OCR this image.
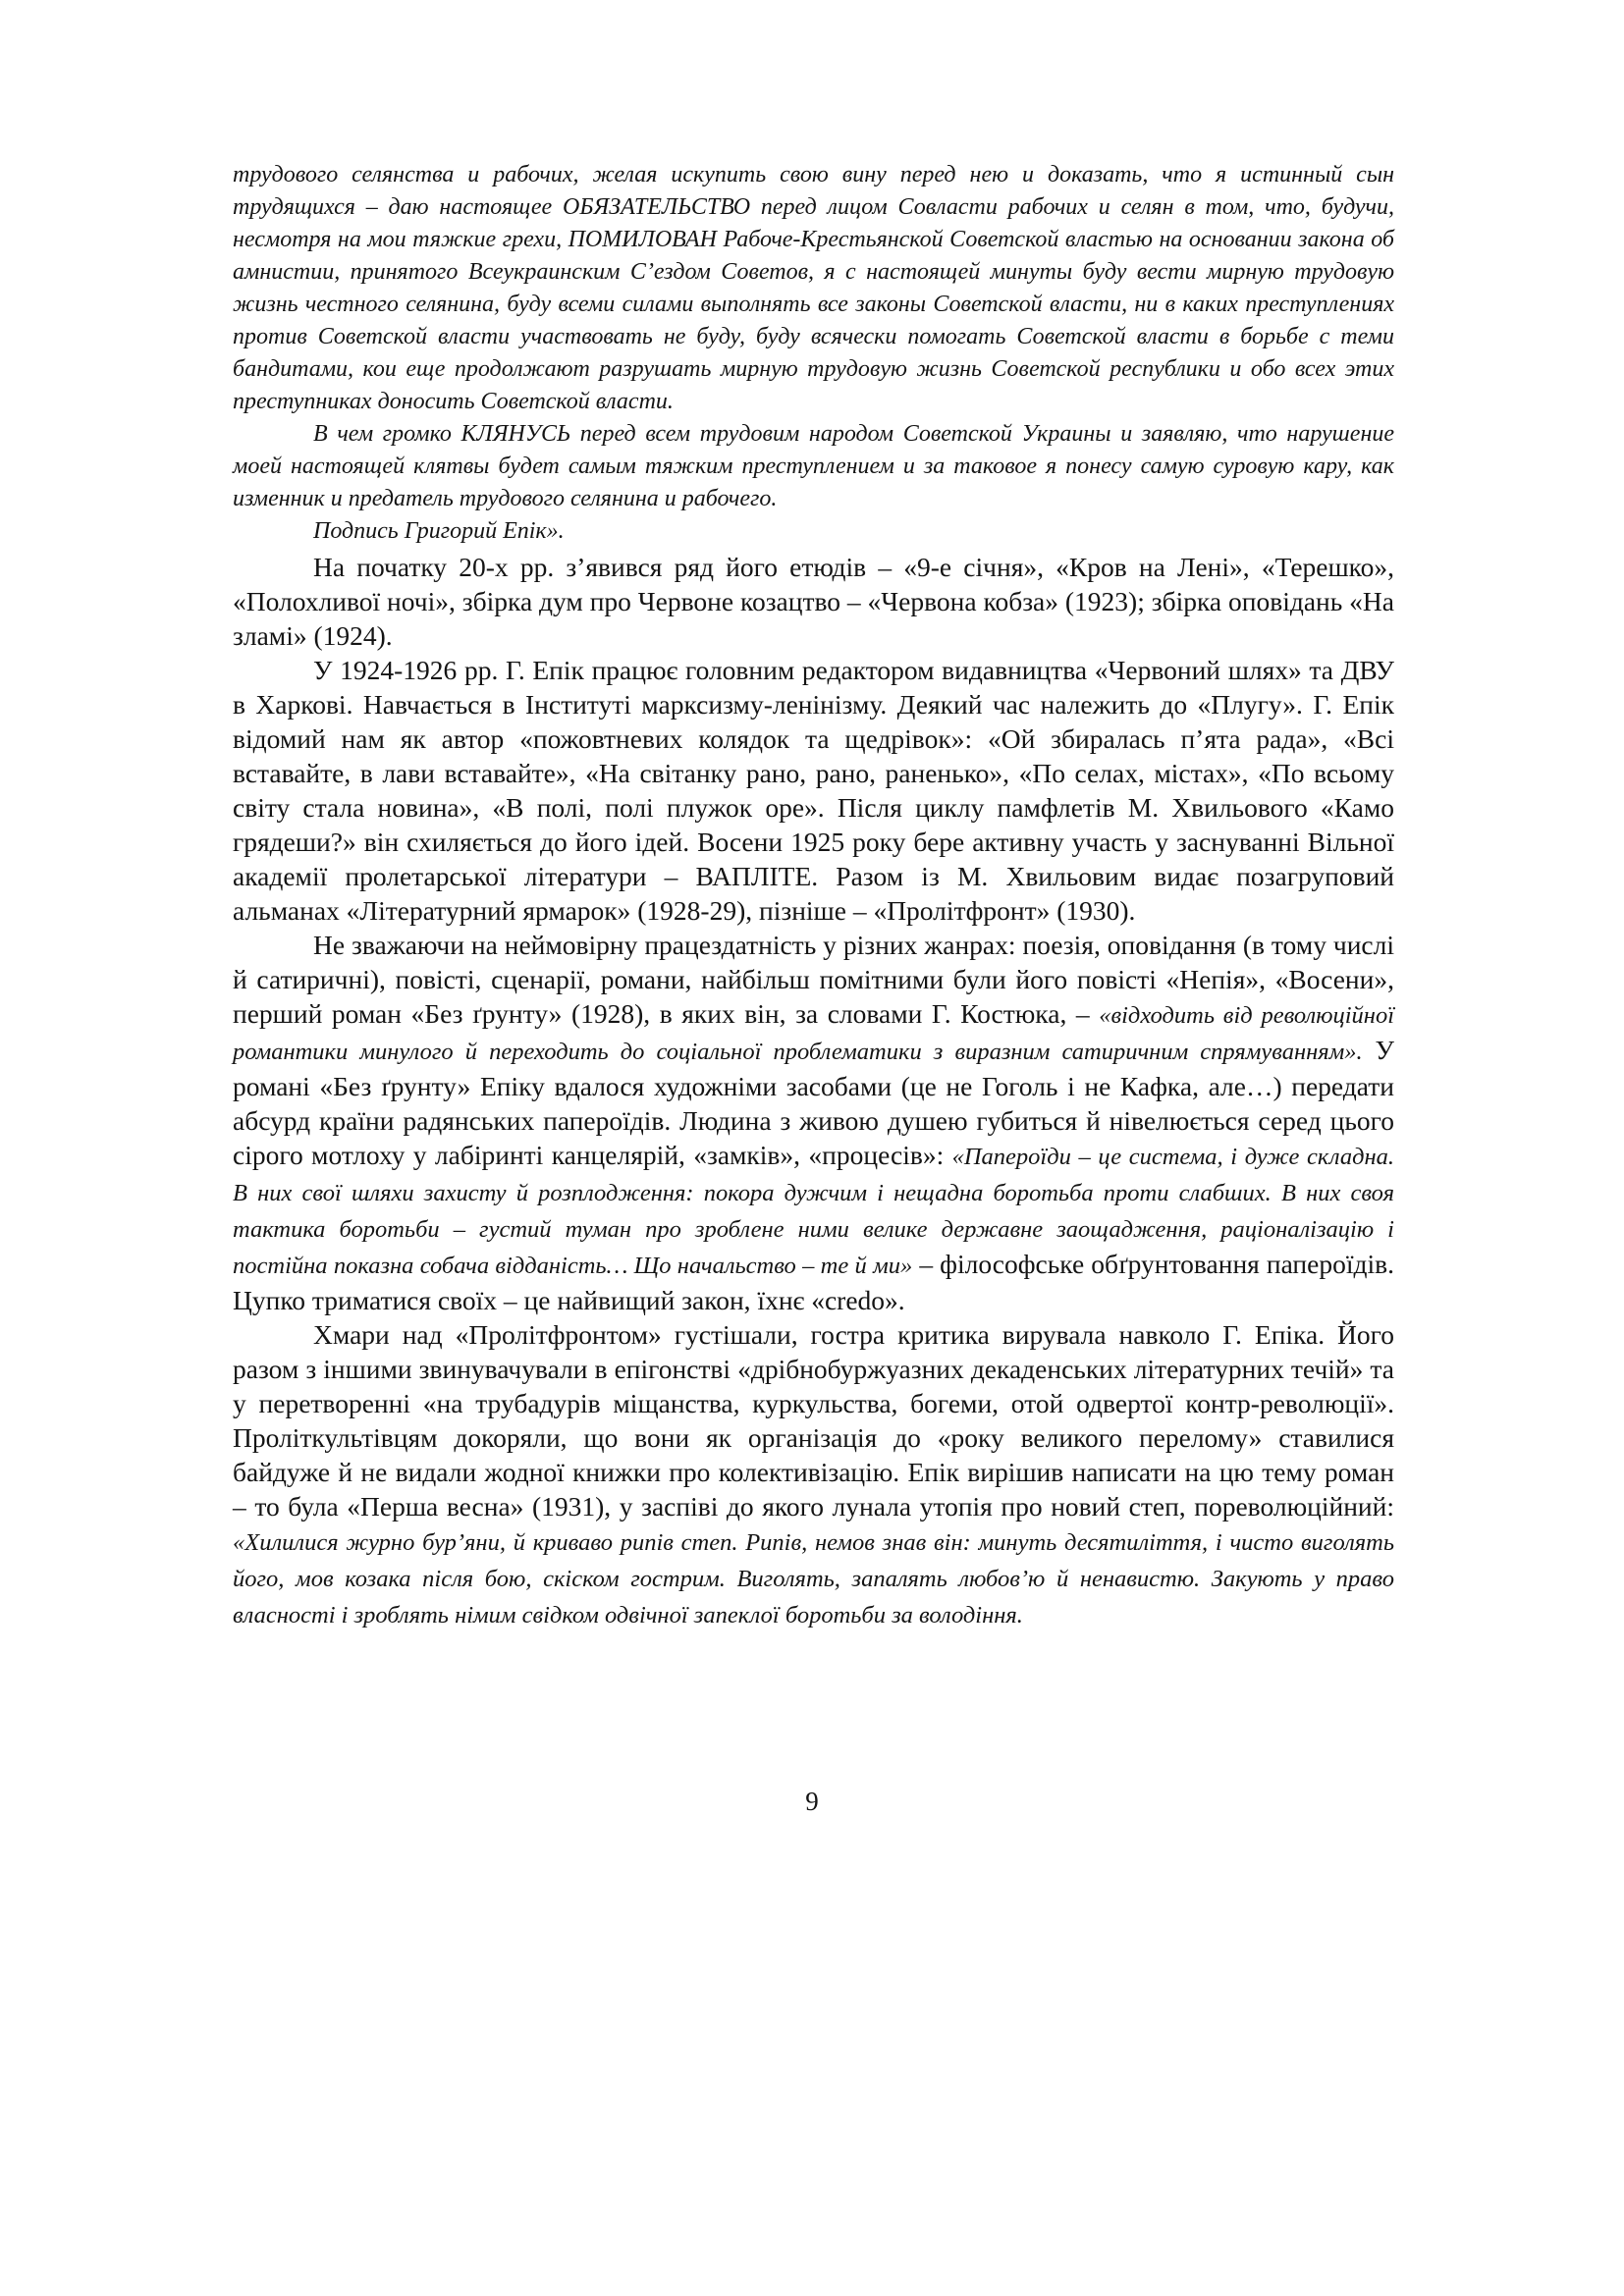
трудового селянства и рабочих, желая искупить свою вину перед нею и доказать, что я истинный сын трудящихся – даю настоящее ОБЯЗАТЕЛЬСТВО перед лицом Совласти рабочих и селян в том, что, будучи, несмотря на мои тяжкие грехи, ПОМИЛОВАН Рабоче-Крестьянской Советской властью на основании закона об амнистии, принятого Всеукраинским С’ездом Советов, я с настоящей минуты буду вести мирную трудовую жизнь честного селянина, буду всеми силами выполнять все законы Советской власти, ни в каких преступлениях против Советской власти участвовать не буду, буду всячески помогать Советской власти в борьбе с теми бандитами, кои еще продолжают разрушать мирную трудовую жизнь Советской республики и обо всех этих преступниках доносить Советской власти.

В чем громко КЛЯНУСЬ перед всем трудовим народом Советской Украины и заявляю, что нарушение моей настоящей клятвы будет самым тяжким преступлением и за таковое я понесу самую суровую кару, как изменник и предатель трудового селянина и рабочего.

Подпись Григорий Епік».

На початку 20-х рр. з’явився ряд його етюдів – «9-е січня», «Кров на Лені», «Терешко», «Полохливої ночі», збірка дум про Червоне козацтво – «Червона кобза» (1923); збірка оповідань «На зламі» (1924).

У 1924-1926 рр. Г. Епік працює головним редактором видавництва «Червоний шлях» та ДВУ в Харкові. Навчається в Інституті марксизму-ленінізму. Деякий час належить до «Плугу». Г. Епік відомий нам як автор «пожовтневих колядок та щедрівок»: «Ой збиралась п’ята рада», «Всі вставайте, в лави вставайте», «На світанку рано, рано, раненько», «По селах, містах», «По всьому світу стала новина», «В полі, полі плужок оре». Після циклу памфлетів М. Хвильового «Камо грядеши?» він схиляється до його ідей. Восени 1925 року бере активну участь у заснуванні Вільної академії пролетарської літератури – ВАПЛІТЕ. Разом із М. Хвильовим видає позагруповий альманах «Літературний ярмарок» (1928-29), пізніше – «Пролітфронт» (1930).

Не зважаючи на неймовірну працездатність у різних жанрах: поезія, оповідання (в тому числі й сатиричні), повісті, сценарії, романи, найбільш помітними були його повісті «Непія», «Восени», перший роман «Без ґрунту» (1928), в яких він, за словами Г. Костюка, – «відходить від революційної романтики минулого й переходить до соціальної проблематики з виразним сатиричним спрямуванням». У романі «Без ґрунту» Епіку вдалося художніми засобами (це не Гоголь і не Кафка, але…) передати абсурд країни радянських папероїдів. Людина з живою душею губиться й нівелюється серед цього сірого мотлоху у лабіринті канцелярій, «замків», «процесів»: «Папероїди – це система, і дуже складна. В них свої шляхи захисту й розплодження: покора дужчим і нещадна боротьба проти слабших. В них своя тактика боротьби – густий туман про зроблене ними велике державне заощадження, раціоналізацію і постійна показна собача відданість… Що начальство – те й ми» – філософське обґрунтовання папероїдів. Цупко триматися своїх – це найвищий закон, їхнє «credo».

Хмари над «Пролітфронтом» густішали, гостра критика вирувала навколо Г. Епіка. Його разом з іншими звинувачували в епігонстві «дрібнобуржуазних декаденських літературних течій» та у перетворенні «на трубадурів міщанства, куркульства, богеми, отой одвертої контр-революції». Проліткультівцям докоряли, що вони як організація до «року великого перелому» ставилися байдуже й не видали жодної книжки про колективізацію. Епік вирішив написати на цю тему роман – то була «Перша весна» (1931), у заспіві до якого лунала утопія про новий степ, пореволюційний: «Хилилися журно бур’яни, й криваво рипів степ. Рипів, немов знав він: минуть десятиліття, і чисто виголять його, мов козака після бою, скіском гострим. Виголять, запалять любов’ю й ненавистю. Закують у право власності і зроблять німим свідком одвічної запеклої боротьби за володіння.

9
